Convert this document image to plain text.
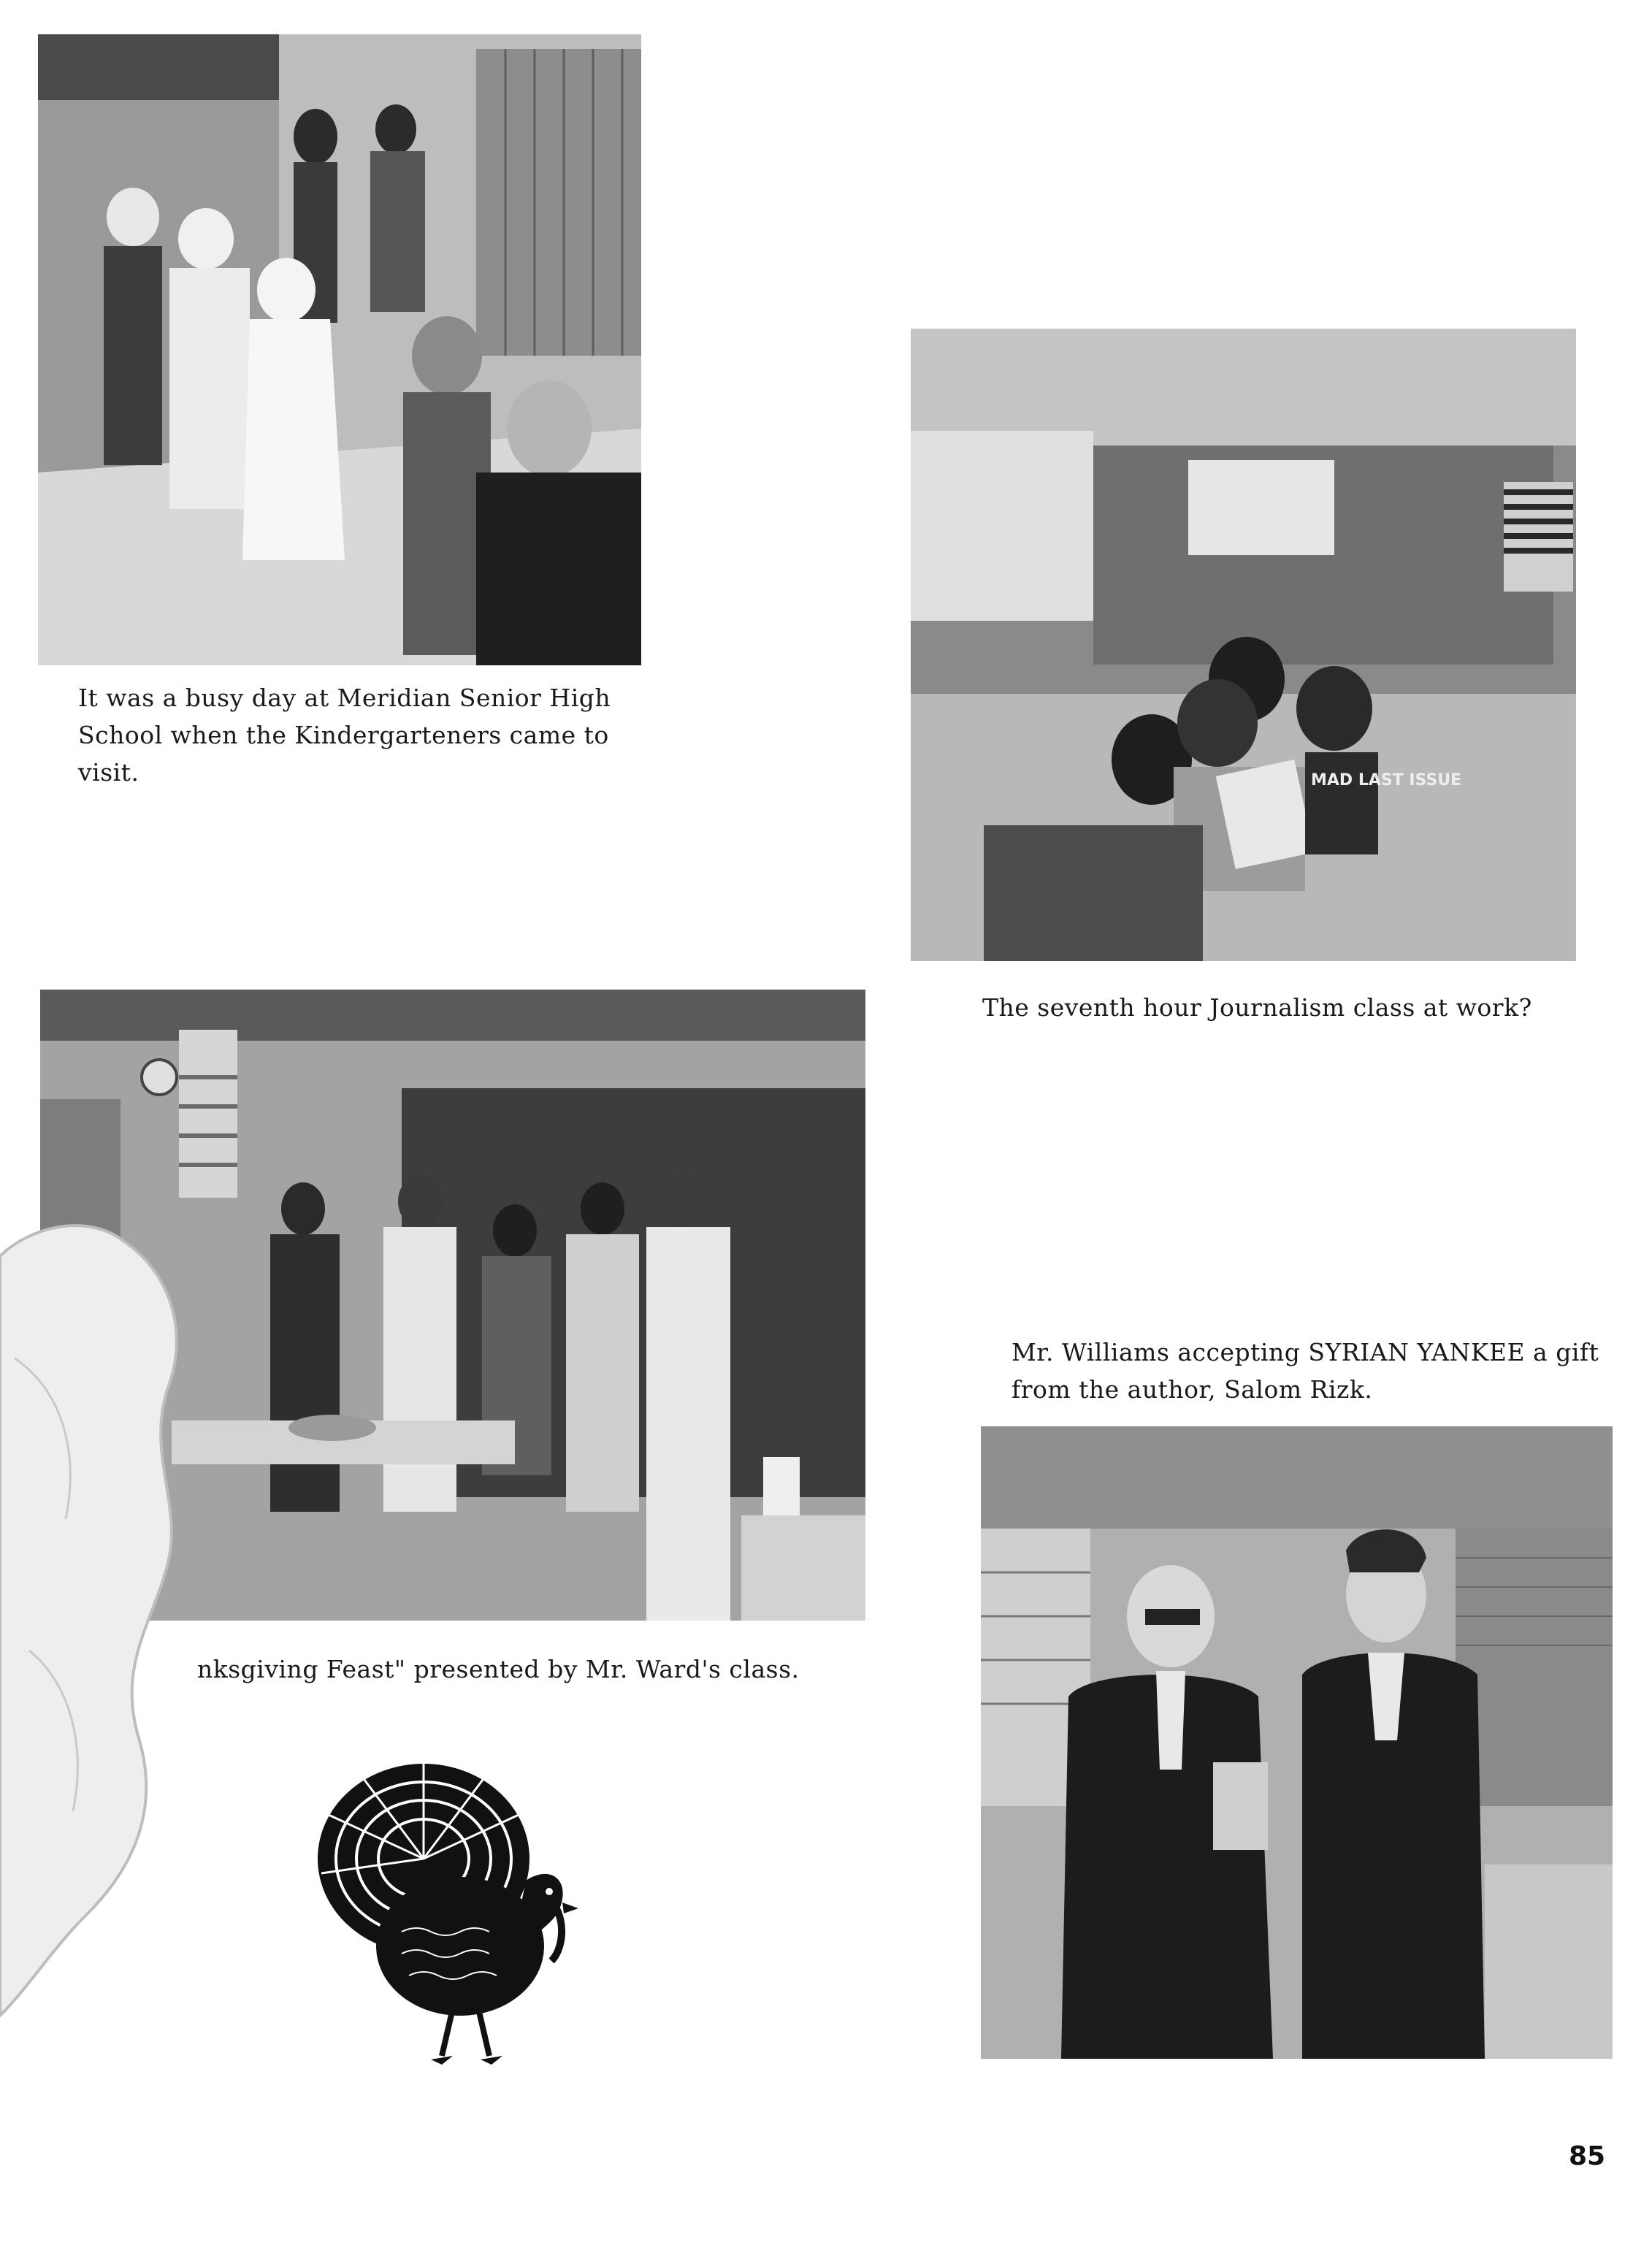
It was a busy day at Meridian Senior High School when the Kindergarteners came to visit.	MAD LAST ISSUE
The seventh hour Journalism class at work?
nksgiving Feast" presented by Mr. Ward's class.
Mr. Williams accepting SYRIAN YANKEE a gift from the author, Salom Rizk.
85
